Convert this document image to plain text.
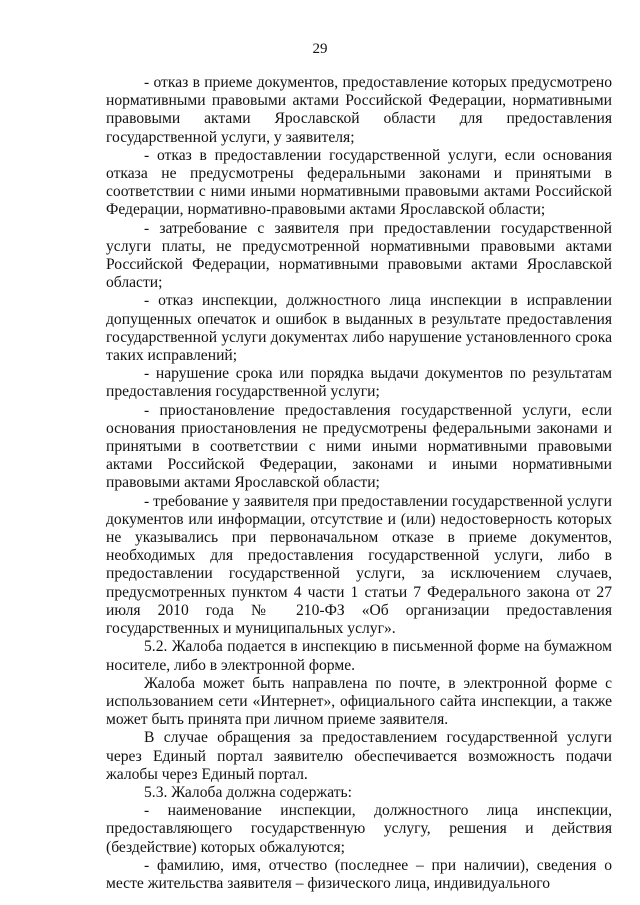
29

- отказ в приеме документов, предоставление которых предусмотрено нормативными правовыми актами Российской Федерации, нормативными правовыми актами Ярославской области для предоставления государственной услуги, у заявителя;

- отказ в предоставлении государственной услуги, если основания отказа не предусмотрены федеральными законами и принятыми в соответствии с ними иными нормативными правовыми актами Российской Федерации, нормативно-правовыми актами Ярославской области;

- затребование с заявителя при предоставлении государственной услуги платы, не предусмотренной нормативными правовыми актами Российской Федерации, нормативными правовыми актами Ярославской области;

- отказ инспекции, должностного лица инспекции в исправлении допущенных опечаток и ошибок в выданных в результате предоставления государственной услуги документах либо нарушение установленного срока таких исправлений;

- нарушение срока или порядка выдачи документов по результатам предоставления государственной услуги;

- приостановление предоставления государственной услуги, если основания приостановления не предусмотрены федеральными законами и принятыми в соответствии с ними иными нормативными правовыми актами Российской Федерации, законами и иными нормативными правовыми актами Ярославской области;

- требование у заявителя при предоставлении государственной услуги документов или информации, отсутствие и (или) недостоверность которых не указывались при первоначальном отказе в приеме документов, необходимых для предоставления государственной услуги, либо в предоставлении государственной услуги, за исключением случаев, предусмотренных пунктом 4 части 1 статьи 7 Федерального закона от 27 июля 2010 года № 210-ФЗ «Об организации предоставления государственных и муниципальных услуг».

5.2. Жалоба подается в инспекцию в письменной форме на бумажном носителе, либо в электронной форме.

Жалоба может быть направлена по почте, в электронной форме с использованием сети «Интернет», официального сайта инспекции, а также может быть принята при личном приеме заявителя.

В случае обращения за предоставлением государственной услуги через Единый портал заявителю обеспечивается возможность подачи жалобы через Единый портал.

5.3. Жалоба должна содержать:

- наименование инспекции, должностного лица инспекции, предоставляющего государственную услугу, решения и действия (бездействие) которых обжалуются;

- фамилию, имя, отчество (последнее – при наличии), сведения о месте жительства заявителя – физического лица, индивидуального
